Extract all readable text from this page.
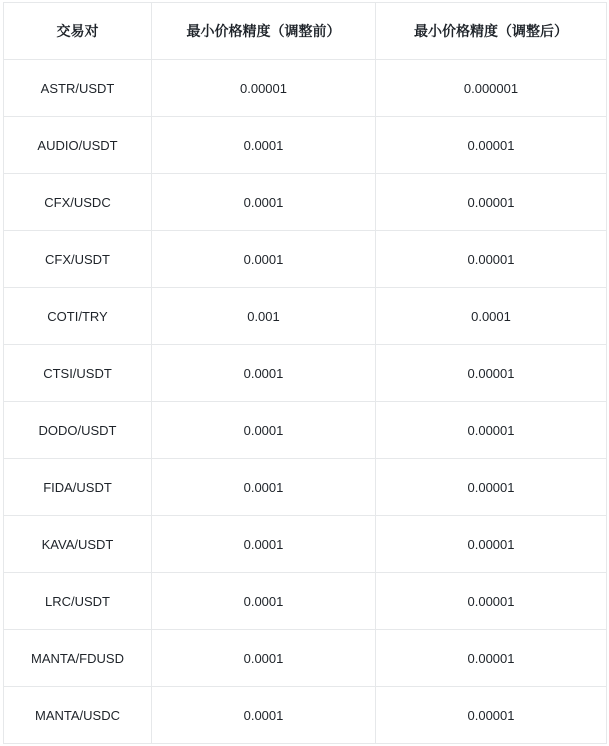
交易对	最小价格精度（调整前）	最小价格精度（调整后）
ASTR/USDT	0.00001	0.000001
AUDIO/USDT	0.0001	0.00001
CFX/USDC	0.0001	0.00001
CFX/USDT	0.0001	0.00001
COTI/TRY	0.001	0.0001
CTSI/USDT	0.0001	0.00001
DODO/USDT	0.0001	0.00001
FIDA/USDT	0.0001	0.00001
KAVA/USDT	0.0001	0.00001
LRC/USDT	0.0001	0.00001
MANTA/FDUSD	0.0001	0.00001
MANTA/USDC	0.0001	0.00001
